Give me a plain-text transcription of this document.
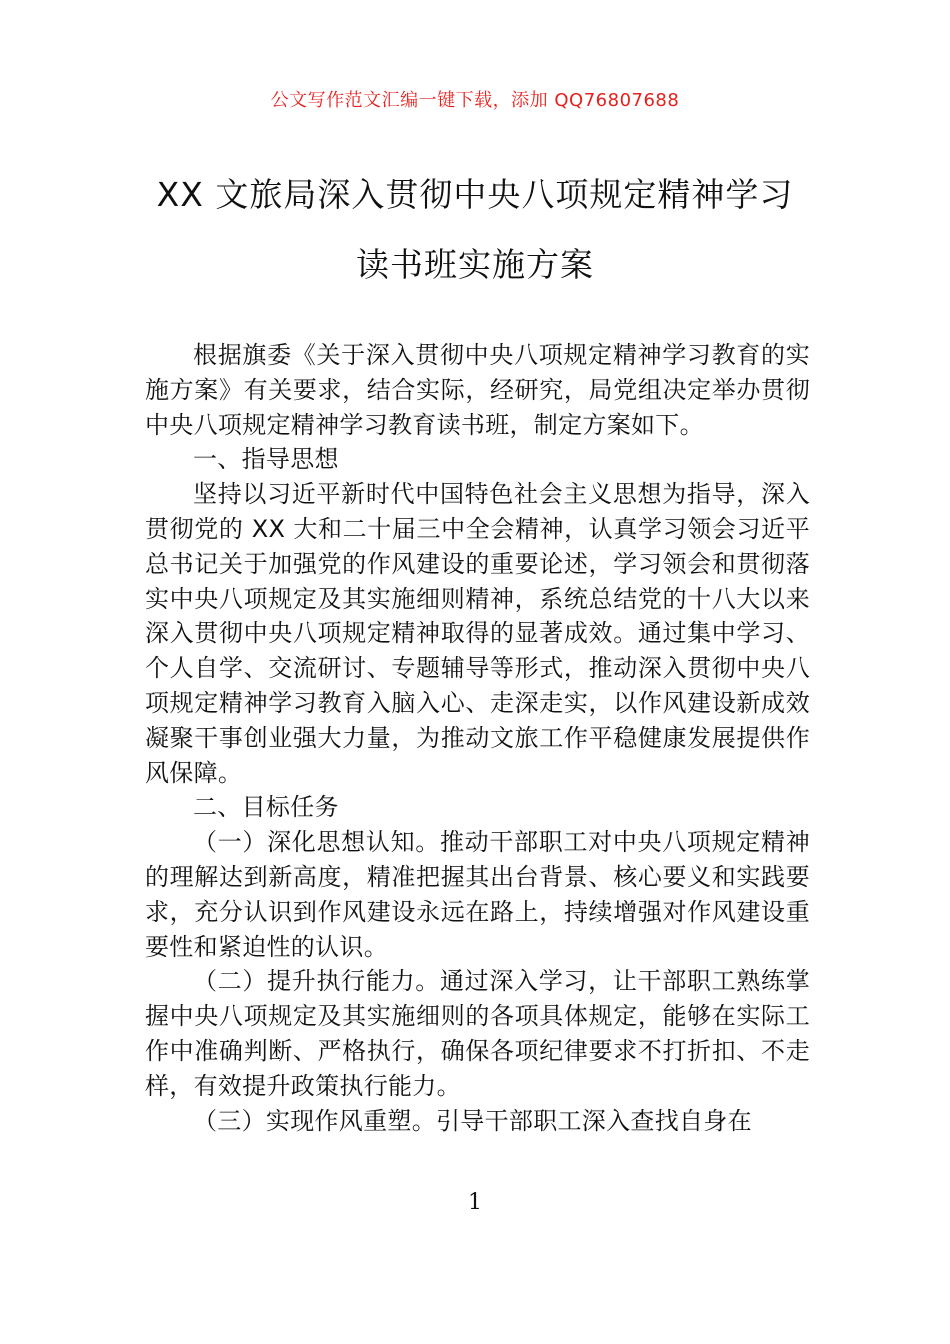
公文写作范文汇编一键下载，添加 QQ76807688
XX 文旅局深入贯彻中央八项规定精神学习
读书班实施方案

根据旗委《关于深入贯彻中央八项规定精神学习教育的实施方案》有关要求，结合实际，经研究，局党组决定举办贯彻中央八项规定精神学习教育读书班，制定方案如下。

一、指导思想

坚持以习近平新时代中国特色社会主义思想为指导，深入贯彻党的 XX 大和二十届三中全会精神，认真学习领会习近平总书记关于加强党的作风建设的重要论述，学习领会和贯彻落实中央八项规定及其实施细则精神，系统总结党的十八大以来深入贯彻中央八项规定精神取得的显著成效。通过集中学习、个人自学、交流研讨、专题辅导等形式，推动深入贯彻中央八项规定精神学习教育入脑入心、走深走实，以作风建设新成效凝聚干事创业强大力量，为推动文旅工作平稳健康发展提供作风保障。

二、目标任务

（一）深化思想认知。推动干部职工对中央八项规定精神的理解达到新高度，精准把握其出台背景、核心要义和实践要求，充分认识到作风建设永远在路上，持续增强对作风建设重要性和紧迫性的认识。

（二）提升执行能力。通过深入学习，让干部职工熟练掌握中央八项规定及其实施细则的各项具体规定，能够在实际工作中准确判断、严格执行，确保各项纪律要求不打折扣、不走样，有效提升政策执行能力。

（三）实现作风重塑。引导干部职工深入查找自身在

1
